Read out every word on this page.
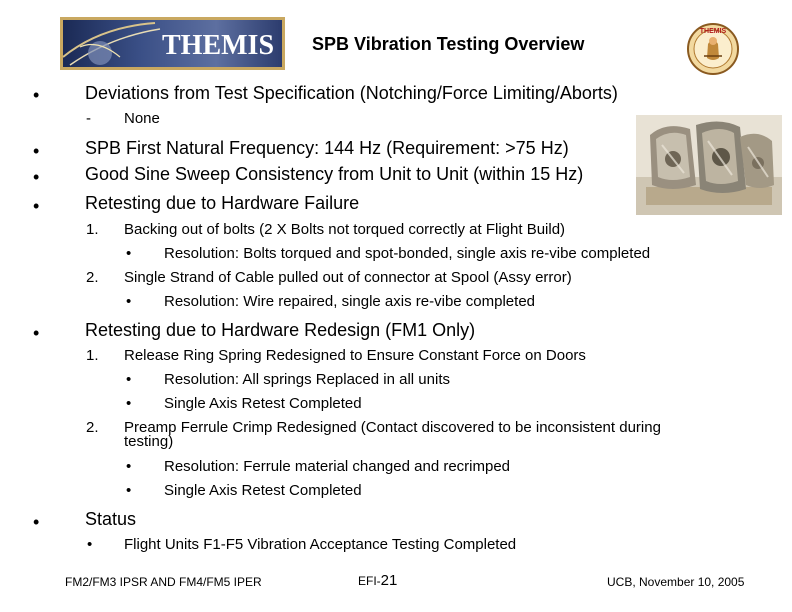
THEMIS SPB Vibration Testing Overview
THEMIS
•	Deviations from Test Specification (Notching/Force Limiting/Aborts)
- None
•	SPB First Natural Frequency: 144 Hz (Requirement: >75 Hz)
•	Good Sine Sweep Consistency from Unit to Unit (within 15 Hz)
•	Retesting due to Hardware Failure
1. Backing out of bolts (2 X Bolts not torqued correctly at Flight Build)
• Resolution: Bolts torqued and spot-bonded, single axis re-vibe completed
2. Single Strand of Cable pulled out of connector at Spool (Assy error)
• Resolution: Wire repaired, single axis re-vibe completed
•	Retesting due to Hardware Redesign (FM1 Only)
1. Release Ring Spring Redesigned to Ensure Constant Force on Doors
• Resolution: All springs Replaced in all units
• Single Axis Retest Completed
2. Preamp Ferrule Crimp Redesigned (Contact discovered to be inconsistent during
testing)
• Resolution: Ferrule material changed and recrimped
• Single Axis Retest Completed
•	Status
• Flight Units F1-F5 Vibration Acceptance Testing Completed
FM2/FM3 IPSR AND FM4/FM5 IPER	EFI-21	UCB, November 10, 2005
